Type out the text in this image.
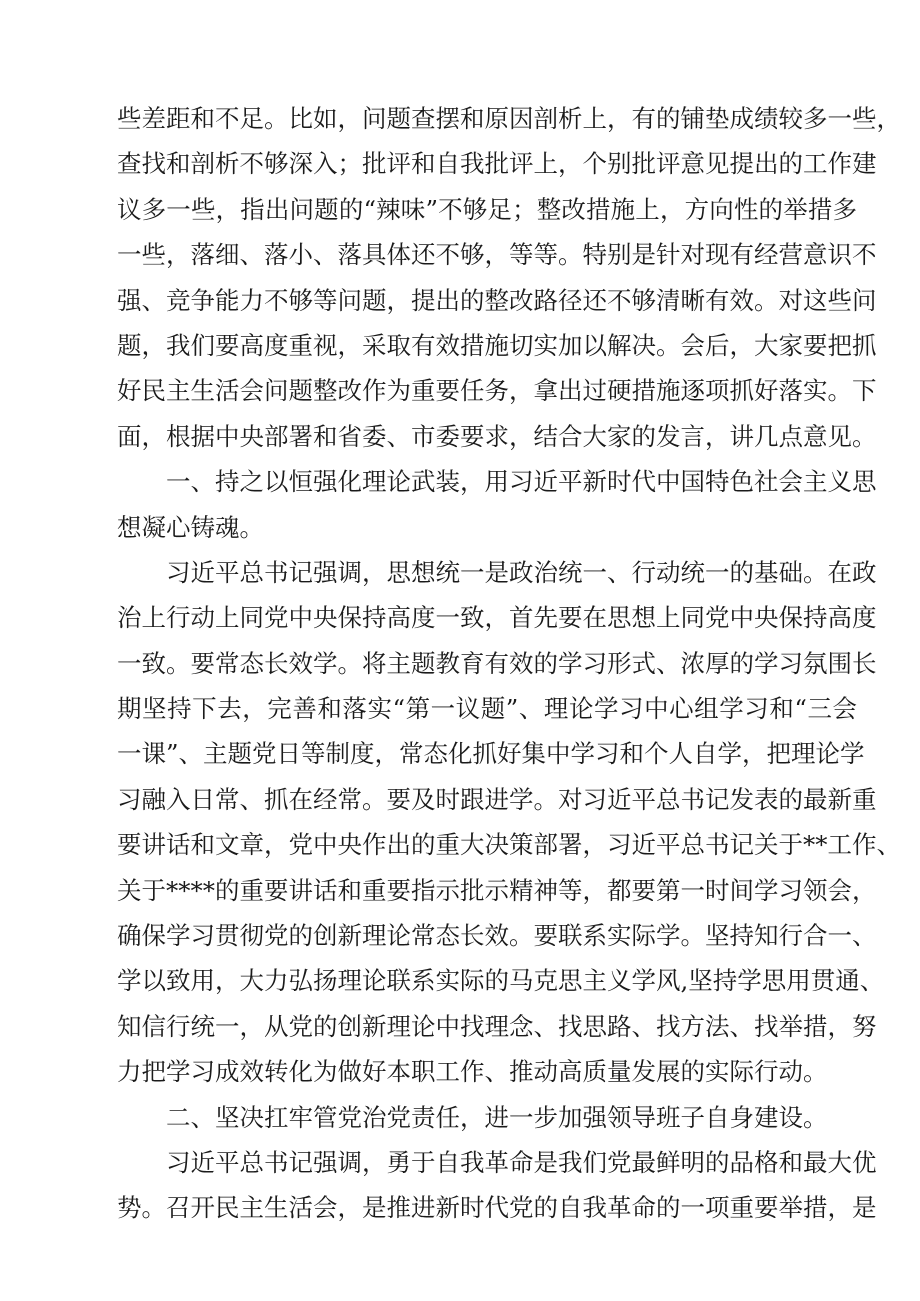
些差距和不足。比如，问题查摆和原因剖析上，有的铺垫成绩较多一些，
查找和剖析不够深入；批评和自我批评上，个别批评意见提出的工作建
议多一些，指出问题的“辣味”不够足；整改措施上，方向性的举措多
一些，落细、落小、落具体还不够，等等。特别是针对现有经营意识不
强、竞争能力不够等问题，提出的整改路径还不够清晰有效。对这些问
题，我们要高度重视，采取有效措施切实加以解决。会后，大家要把抓
好民主生活会问题整改作为重要任务，拿出过硬措施逐项抓好落实。下
面，根据中央部署和省委、市委要求，结合大家的发言，讲几点意见。
一、持之以恒强化理论武装，用习近平新时代中国特色社会主义思
想凝心铸魂。
习近平总书记强调，思想统一是政治统一、行动统一的基础。在政
治上行动上同党中央保持高度一致，首先要在思想上同党中央保持高度
一致。要常态长效学。将主题教育有效的学习形式、浓厚的学习氛围长
期坚持下去，完善和落实“第一议题”、理论学习中心组学习和“三会
一课”、主题党日等制度，常态化抓好集中学习和个人自学，把理论学
习融入日常、抓在经常。要及时跟进学。对习近平总书记发表的最新重
要讲话和文章，党中央作出的重大决策部署，习近平总书记关于**工作、
关于****的重要讲话和重要指示批示精神等，都要第一时间学习领会，
确保学习贯彻党的创新理论常态长效。要联系实际学。坚持知行合一、
学以致用，大力弘扬理论联系实际的马克思主义学风,坚持学思用贯通、
知信行统一，从党的创新理论中找理念、找思路、找方法、找举措，努
力把学习成效转化为做好本职工作、推动高质量发展的实际行动。
二、坚决扛牢管党治党责任，进一步加强领导班子自身建设。
习近平总书记强调，勇于自我革命是我们党最鲜明的品格和最大优
势。召开民主生活会，是推进新时代党的自我革命的一项重要举措，是
